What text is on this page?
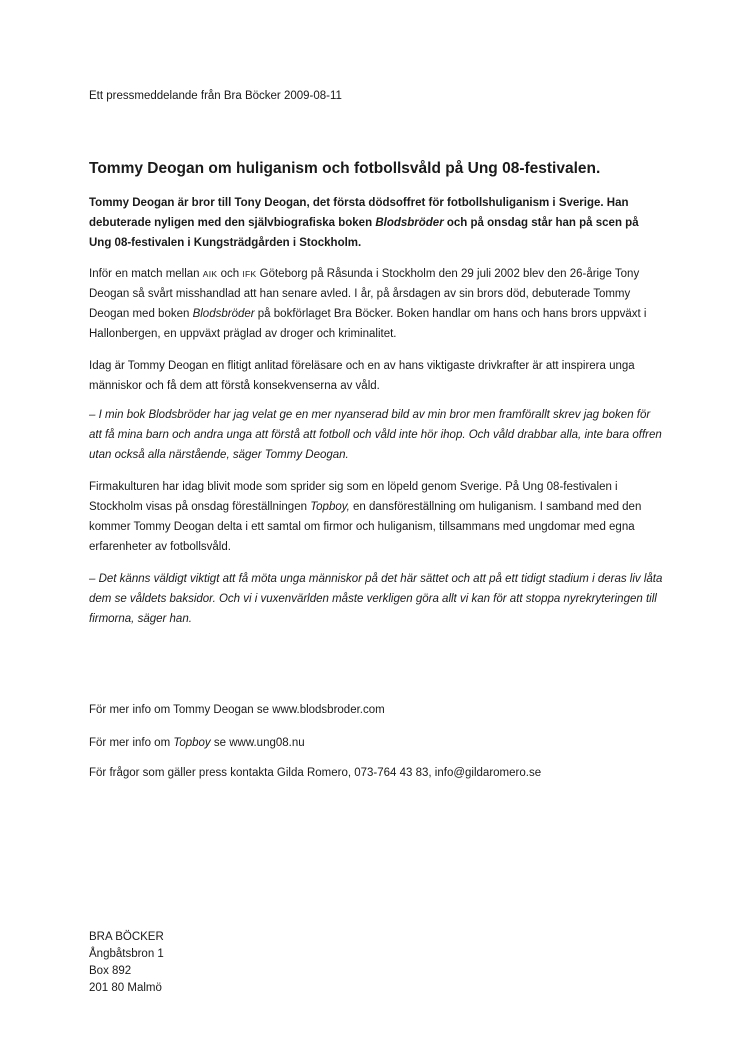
Ett pressmeddelande från Bra Böcker 2009-08-11
Tommy Deogan om huliganism och fotbollsvåld på Ung 08-festivalen.

Tommy Deogan är bror till Tony Deogan, det första dödsoffret för fotbollshuliganism i Sverige. Han debuterade nyligen med den självbiografiska boken Blodsbröder och på onsdag står han på scen på Ung 08-festivalen i Kungsträdgården i Stockholm.

Inför en match mellan AIK och IFK Göteborg på Råsunda i Stockholm den 29 juli 2002 blev den 26-årige Tony Deogan så svårt misshandlad att han senare avled. I år, på årsdagen av sin brors död, debuterade Tommy Deogan med boken Blodsbröder på bokförlaget Bra Böcker. Boken handlar om hans och hans brors uppväxt i Hallonbergen, en uppväxt präglad av droger och kriminalitet.

Idag är Tommy Deogan en flitigt anlitad föreläsare och en av hans viktigaste drivkrafter är att inspirera unga människor och få dem att förstå konsekvenserna av våld.

– I min bok Blodsbröder har jag velat ge en mer nyanserad bild av min bror men framförallt skrev jag boken för att få mina barn och andra unga att förstå att fotboll och våld inte hör ihop. Och våld drabbar alla, inte bara offren utan också alla närstående, säger Tommy Deogan.

Firmakulturen har idag blivit mode som sprider sig som en löpeld genom Sverige. På Ung 08-festivalen i Stockholm visas på onsdag föreställningen Topboy, en dansföreställning om huliganism. I samband med den kommer Tommy Deogan delta i ett samtal om firmor och huliganism, tillsammans med ungdomar med egna erfarenheter av fotbollsvåld.

– Det känns väldigt viktigt att få möta unga människor på det här sättet och att på ett tidigt stadium i deras liv låta dem se våldets baksidor. Och vi i vuxenvärlden måste verkligen göra allt vi kan för att stoppa nyrekryteringen till firmorna, säger han.

För mer info om Tommy Deogan se www.blodsbroder.com

För mer info om Topboy se www.ung08.nu

För frågor som gäller press kontakta Gilda Romero, 073-764 43 83, info@gildaromero.se

BRA BÖCKER
Ångbåtsbron 1
Box 892
201 80 Malmö
